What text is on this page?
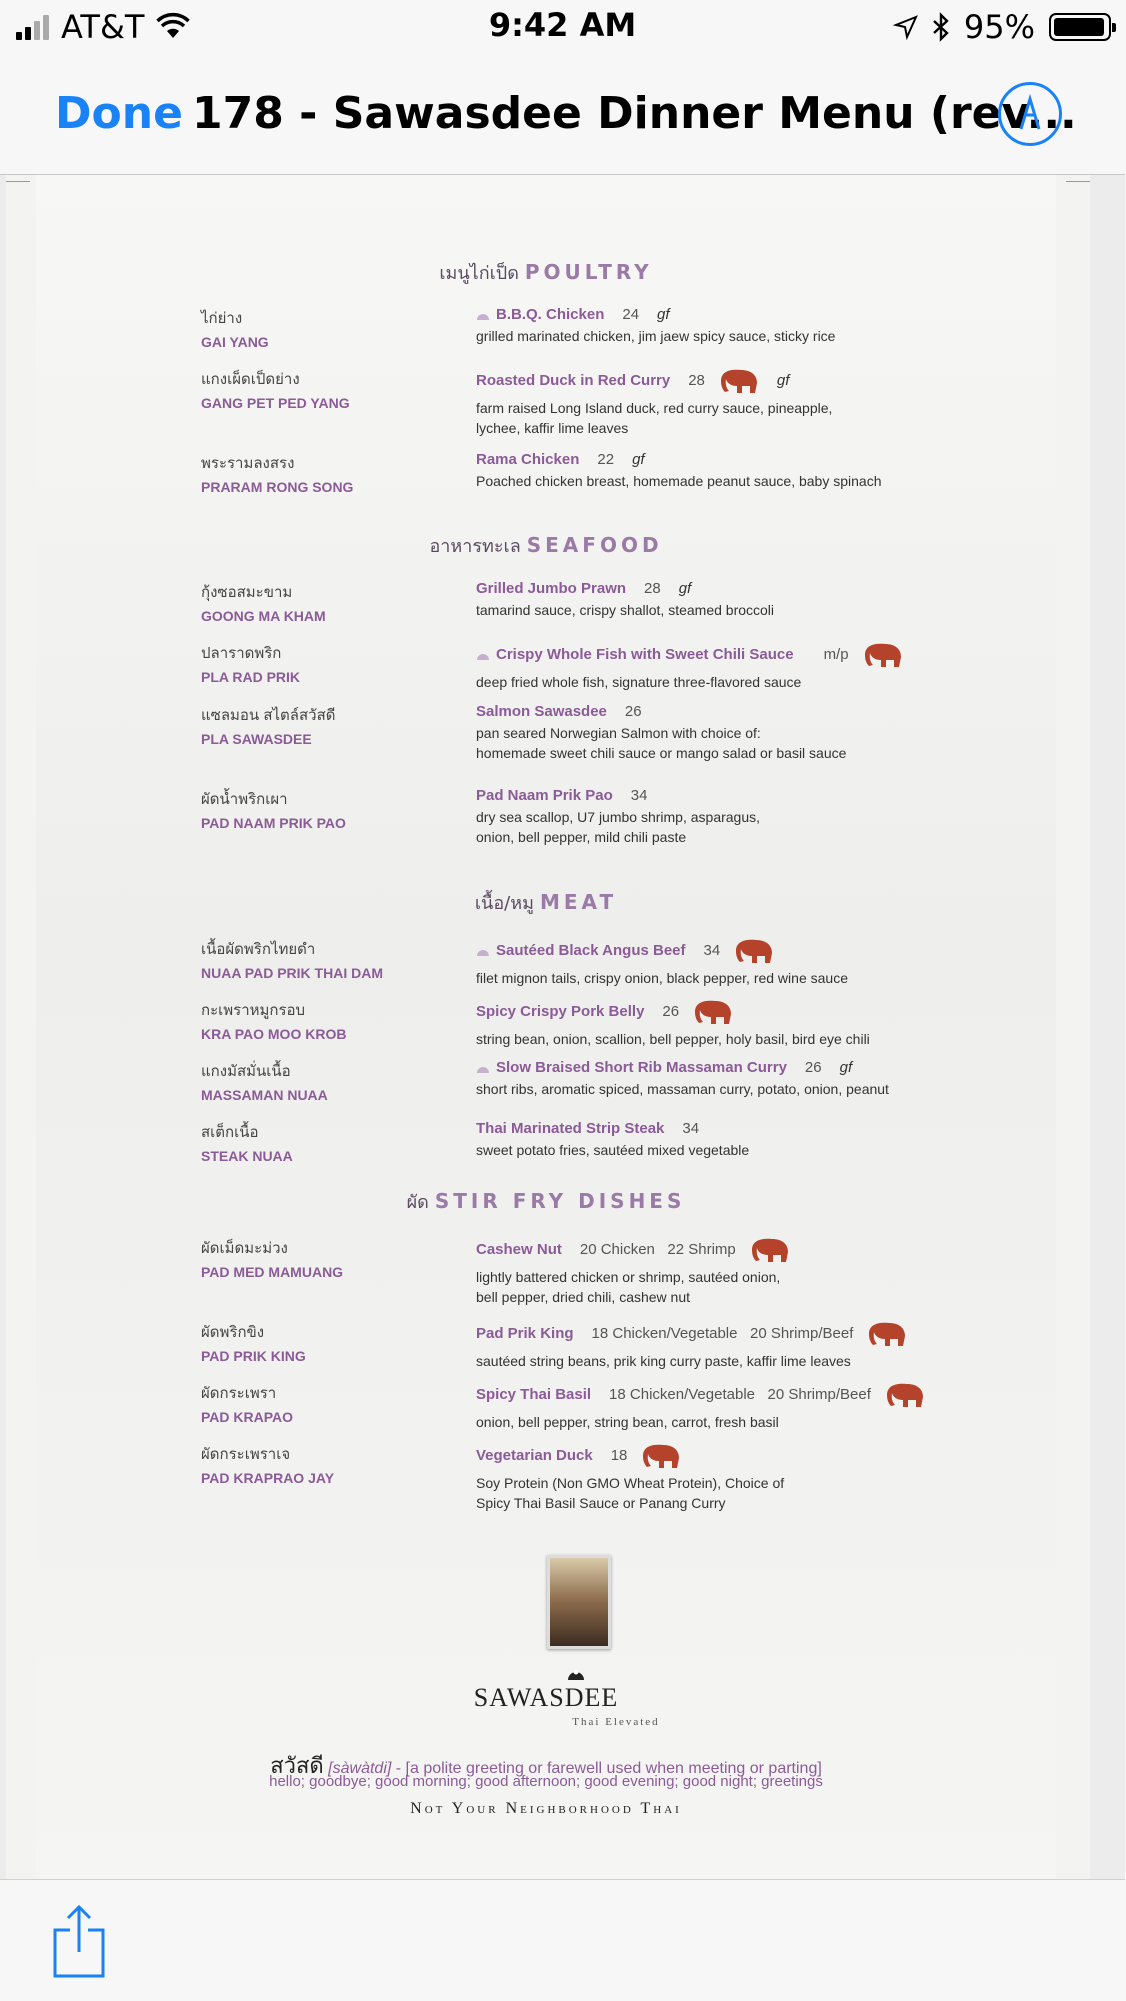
AT&T	9:42 AM	95%
Done 178 - Sawasdee Dinner Menu (rev...
เมนูไก่เป็ด POULTRY
ไก่ย่าง
GAI YANG
B.B.Q. Chicken 24 gf
grilled marinated chicken, jim jaew spicy sauce, sticky rice
แกงเผ็ดเป็ดย่าง
GANG PET PED YANG
Roasted Duck in Red Curry 28	gf
farm raised Long Island duck, red curry sauce, pineapple,
lychee, kaffir lime leaves
พระรามลงสรง
PRARAM RONG SONG
Rama Chicken 22 gf
Poached chicken breast, homemade peanut sauce, baby spinach
อาหารทะเล SEAFOOD
กุ้งซอสมะขาม
GOONG MA KHAM
Grilled Jumbo Prawn 28 gf
tamarind sauce, crispy shallot, steamed broccoli
ปลาราดพริก
PLA RAD PRIK
Crispy Whole Fish with Sweet Chili Sauce m/p
deep fried whole fish, signature three-flavored sauce
แซลมอน สไตล์สวัสดี
PLA SAWASDEE
Salmon Sawasdee 26
pan seared Norwegian Salmon with choice of:
homemade sweet chili sauce or mango salad or basil sauce
ผัดน้ำพริกเผา
PAD NAAM PRIK PAO
Pad Naam Prik Pao 34
dry sea scallop, U7 jumbo shrimp, asparagus,
onion, bell pepper, mild chili paste
เนื้อ/หมู MEAT
เนื้อผัดพริกไทยดำ
NUAA PAD PRIK THAI DAM
Sautéed Black Angus Beef 34
filet mignon tails, crispy onion, black pepper, red wine sauce
กะเพราหมูกรอบ
KRA PAO MOO KROB
Spicy Crispy Pork Belly 26
string bean, onion, scallion, bell pepper, holy basil, bird eye chili
แกงมัสมั่นเนื้อ
MASSAMAN NUAA
Slow Braised Short Rib Massaman Curry 26 gf
short ribs, aromatic spiced, massaman curry, potato, onion, peanut
สเต็กเนื้อ
STEAK NUAA
Thai Marinated Strip Steak 34
sweet potato fries, sautéed mixed vegetable
ผัด STIR FRY DISHES
ผัดเม็ดมะม่วง
PAD MED MAMUANG
Cashew Nut 20 Chicken   22 Shrimp
lightly battered chicken or shrimp, sautéed onion,
bell pepper, dried chili, cashew nut
ผัดพริกขิง
PAD PRIK KING
Pad Prik King 18 Chicken/Vegetable   20 Shrimp/Beef
sautéed string beans, prik king curry paste, kaffir lime leaves
ผัดกระเพรา
PAD KRAPAO
Spicy Thai Basil 18 Chicken/Vegetable   20 Shrimp/Beef
onion, bell pepper, string bean, carrot, fresh basil
ผัดกระเพราเจ
PAD KRAPRAO JAY
Vegetarian Duck 18
Soy Protein (Non GMO Wheat Protein), Choice of
Spicy Thai Basil Sauce or Panang Curry
SAWASDEE
Thai Elevated
สวัสดี [sàwàtdi] - [a polite greeting or farewell used when meeting or parting]
hello; goodbye; good morning; good afternoon; good evening; good night; greetings
Not Your Neighborhood Thai
